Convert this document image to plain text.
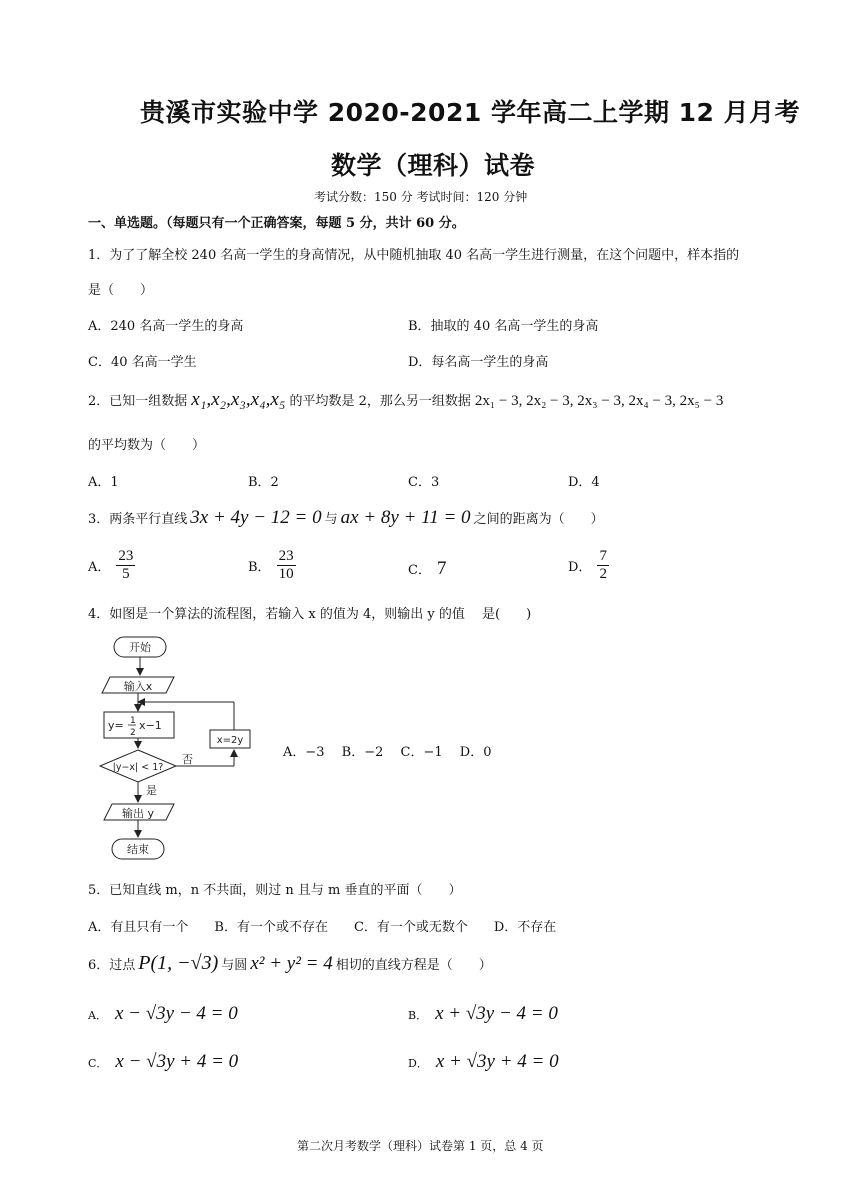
贵溪市实验中学 2020-2021 学年高二上学期 12 月月考
数学（理科）试卷
考试分数：150 分 考试时间：120 分钟
一、单选题。（每题只有一个正确答案，每题 5 分，共计 60 分。
1．为了了解全校 240 名高一学生的身高情况，从中随机抽取 40 名高一学生进行测量，在这个问题中，样本指的
是（　　）
A．240 名高一学生的身高	B．抽取的 40 名高一学生的身高
C．40 名高一学生	D．每名高一学生的身高
2．已知一组数据 x₁,x₂,x₃,x₄,x₅ 的平均数是 2，那么另一组数据 2x₁ − 3, 2x₂ − 3, 2x₃ − 3, 2x₄ − 3, 2x₅ − 3
的平均数为（　　）
A．1	B．2	C．3	D．4
3．两条平行直线 3x + 4y − 12 = 0 与 ax + 8y + 11 = 0 之间的距离为（　　）
A． $\frac{23}{5}$	B． $\frac{23}{10}$	C． 7	D． $\frac{7}{2}$
4．如图是一个算法的流程图，若输入 x 的值为 4，则输出 y 的值　 是(　　)
开始
输入x
y= 1
2
x−1
|y−x| < 1?
否
x=2y
是
输出 y
结束
A．−3　 B．−2　 C．−1　 D．0
5．已知直线 m，n 不共面，则过 n 且与 m 垂直的平面（　　）
A．有且只有一个　　B．有一个或不存在　　C．有一个或无数个　　D．不存在
6．过点 P(1, −√3) 与圆 x² + y² = 4 相切的直线方程是（　　）
A． x − √3y − 4 = 0	B． x + √3y − 4 = 0
C． x − √3y + 4 = 0	D． x + √3y + 4 = 0
第二次月考数学（理科）试卷第 1 页，总 4 页
